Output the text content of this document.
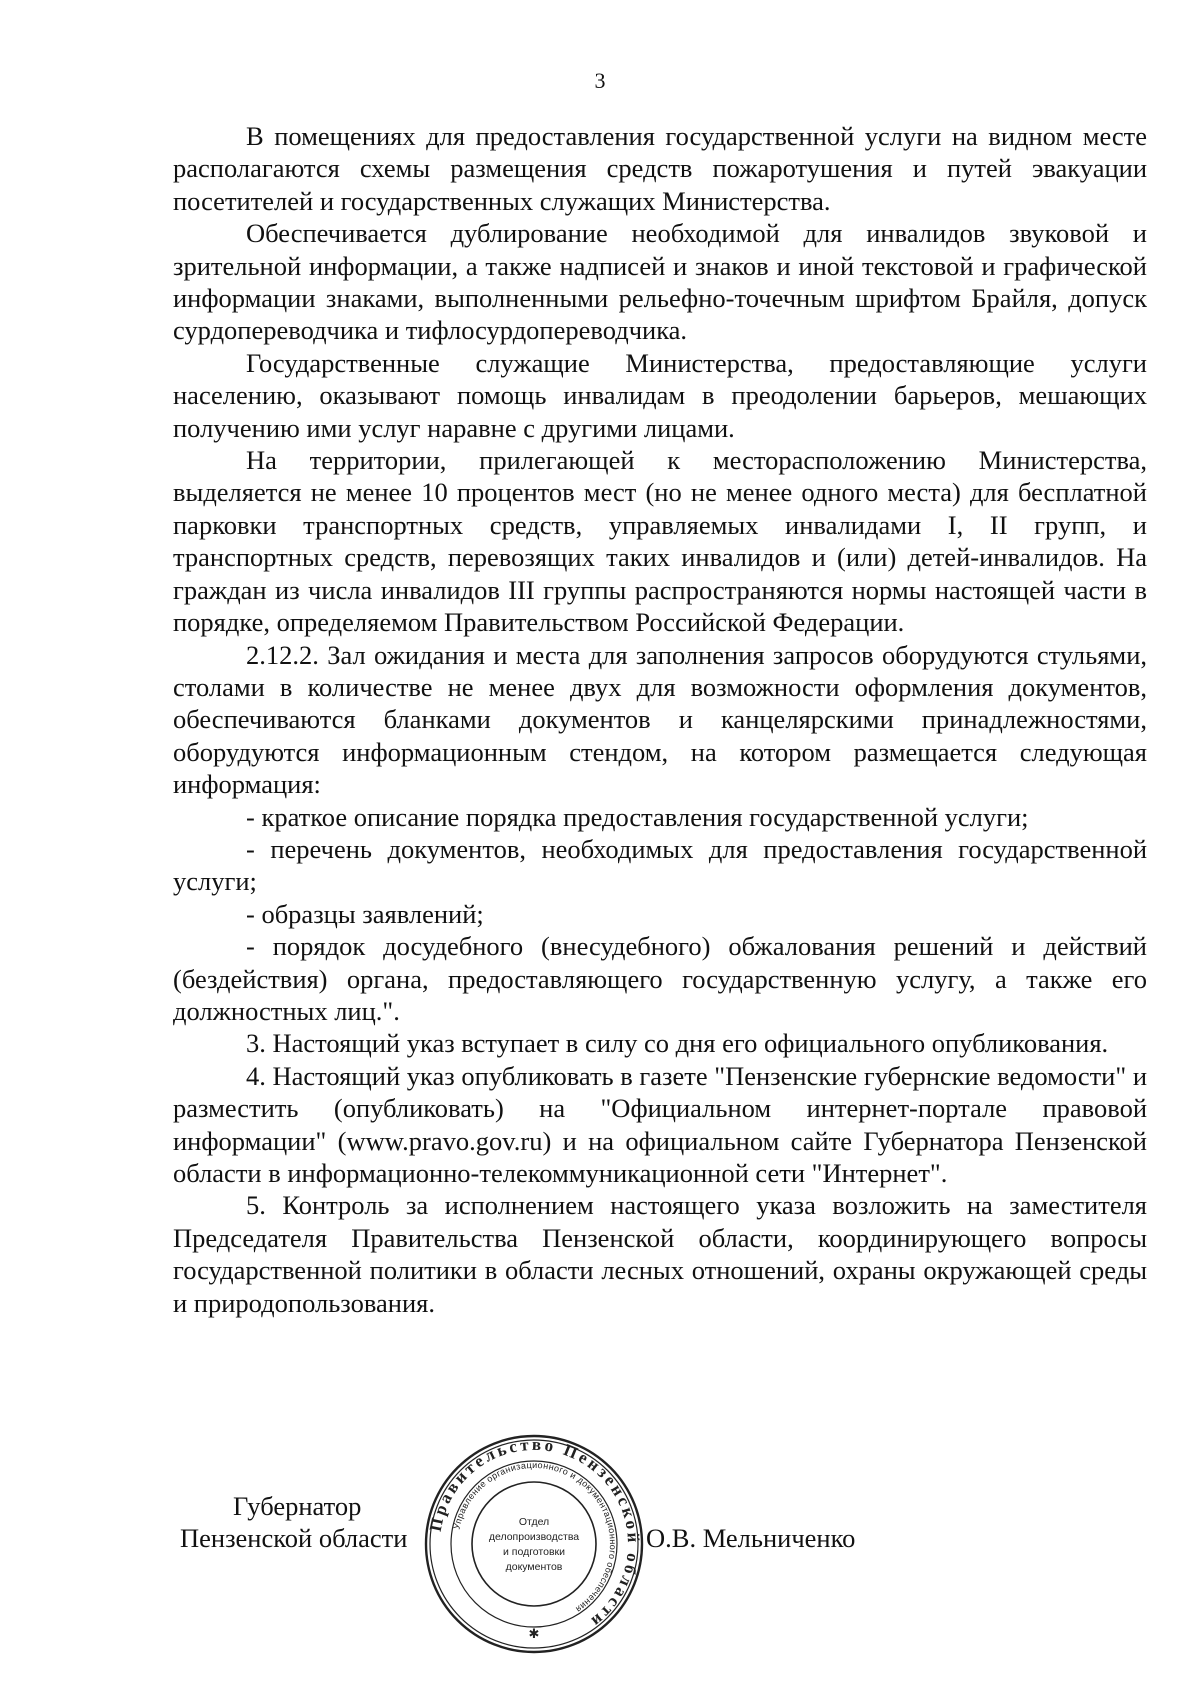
3

В помещениях для предоставления государственной услуги на видном месте располагаются схемы размещения средств пожаротушения и путей эвакуации посетителей и государственных служащих Министерства.

Обеспечивается дублирование необходимой для инвалидов звуковой и зрительной информации, а также надписей и знаков и иной текстовой и графической информации знаками, выполненными рельефно-точечным шрифтом Брайля, допуск сурдопереводчика и тифлосурдопереводчика.

Государственные служащие Министерства, предоставляющие услуги населению, оказывают помощь инвалидам в преодолении барьеров, мешающих получению ими услуг наравне с другими лицами.

На территории, прилегающей к месторасположению Министерства, выделяется не менее 10 процентов мест (но не менее одного места) для бесплатной парковки транспортных средств, управляемых инвалидами I, II групп, и транспортных средств, перевозящих таких инвалидов и (или) детей-инвалидов. На граждан из числа инвалидов III группы распространяются нормы настоящей части в порядке, определяемом Правительством Российской Федерации.

2.12.2. Зал ожидания и места для заполнения запросов оборудуются стульями, столами в количестве не менее двух для возможности оформления документов, обеспечиваются бланками документов и канцелярскими принадлежностями, оборудуются информационным стендом, на котором размещается следующая информация:

- краткое описание порядка предоставления государственной услуги;

- перечень документов, необходимых для предоставления государственной услуги;

- образцы заявлений;

- порядок досудебного (внесудебного) обжалования решений и действий (бездействия) органа, предоставляющего государственную услугу, а также его должностных лиц.".

3. Настоящий указ вступает в силу со дня его официального опубликования.

4. Настоящий указ опубликовать в газете "Пензенские губернские ведомости" и разместить (опубликовать) на "Официальном интернет-портале правовой информации" (www.pravo.gov.ru) и на официальном сайте Губернатора Пензенской области в информационно-телекоммуникационной сети "Интернет".

5. Контроль за исполнением настоящего указа возложить на заместителя Председателя Правительства Пензенской области, координирующего вопросы государственной политики в области лесных отношений, охраны окружающей среды и природопользования.

Губернатор
Пензенской области	О.В. Мельниченко
Правительство Пензенской области
Управление организационного и документационного обеспечения
Отдел
делопроизводства
и подготовки
документов
✱
